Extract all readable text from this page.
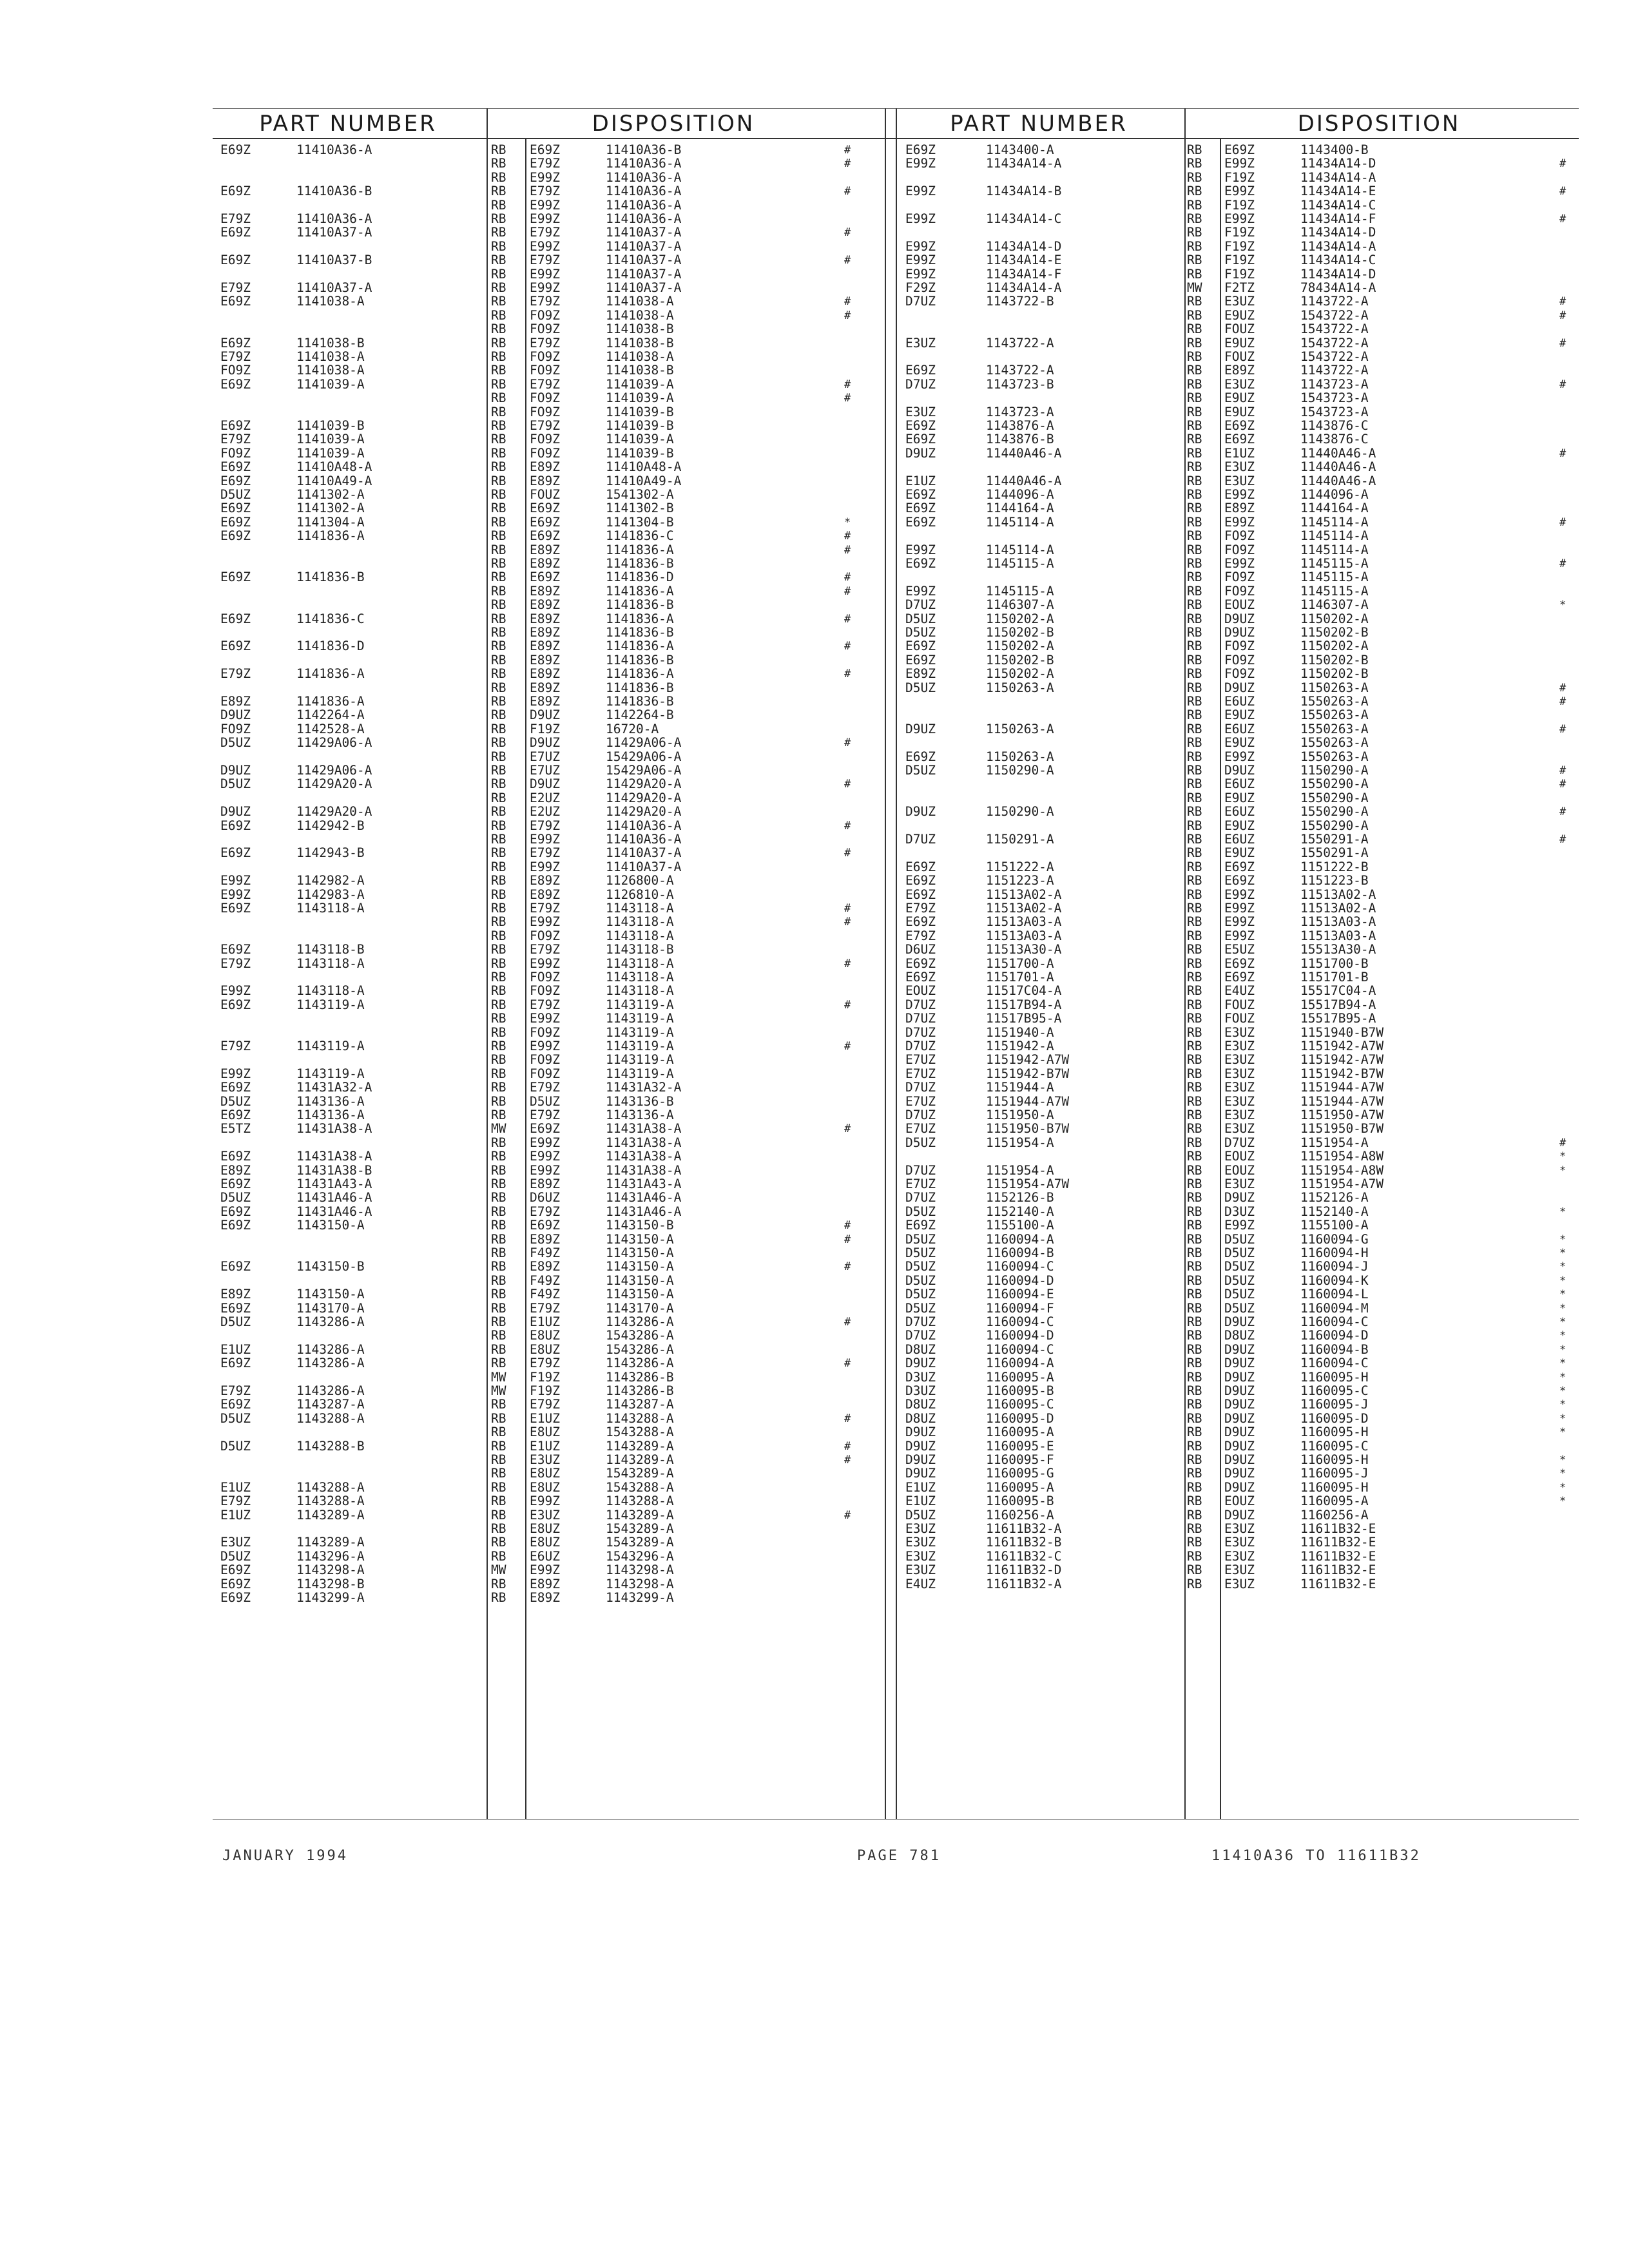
PART NUMBER	DISPOSITION	PART NUMBER	DISPOSITION
E69Z	11410A36-A	RB E69Z	11410A36-B	#
RB E79Z	11410A36-A	#
RB E99Z	11410A36-A
E69Z	11410A36-B	RB E79Z	11410A36-A	#
RB E99Z	11410A36-A
E79Z	11410A36-A	RB E99Z	11410A36-A
E69Z	11410A37-A	RB E79Z	11410A37-A	#
RB E99Z	11410A37-A
E69Z	11410A37-B	RB E79Z	11410A37-A	#
RB E99Z	11410A37-A
E79Z	11410A37-A	RB E99Z	11410A37-A
E69Z	1141038-A	RB E79Z	1141038-A	#
RB FO9Z	1141038-A	#
RB FO9Z	1141038-B
E69Z	1141038-B	RB E79Z	1141038-B
E79Z	1141038-A	RB FO9Z	1141038-A
FO9Z	1141038-A	RB FO9Z	1141038-B
E69Z	1141039-A	RB E79Z	1141039-A	#
RB FO9Z	1141039-A	#
RB FO9Z	1141039-B
E69Z	1141039-B	RB E79Z	1141039-B
E79Z	1141039-A	RB FO9Z	1141039-A
FO9Z	1141039-A	RB FO9Z	1141039-B
E69Z	11410A48-A	RB E89Z	11410A48-A
E69Z	11410A49-A	RB E89Z	11410A49-A
D5UZ	1141302-A	RB FOUZ	1541302-A
E69Z	1141302-A	RB E69Z	1141302-B
E69Z	1141304-A	RB E69Z	1141304-B	*
E69Z	1141836-A	RB E69Z	1141836-C	#
RB E89Z	1141836-A	#
RB E89Z	1141836-B
E69Z	1141836-B	RB E69Z	1141836-D	#
RB E89Z	1141836-A	#
RB E89Z	1141836-B
E69Z	1141836-C	RB E89Z	1141836-A	#
RB E89Z	1141836-B
E69Z	1141836-D	RB E89Z	1141836-A	#
RB E89Z	1141836-B
E79Z	1141836-A	RB E89Z	1141836-A	#
RB E89Z	1141836-B
E89Z	1141836-A	RB E89Z	1141836-B
D9UZ	1142264-A	RB D9UZ	1142264-B
FO9Z	1142528-A	RB F19Z	16720-A
D5UZ	11429A06-A	RB D9UZ	11429A06-A	#
RB E7UZ	15429A06-A
D9UZ	11429A06-A	RB E7UZ	15429A06-A
D5UZ	11429A20-A	RB D9UZ	11429A20-A	#
RB E2UZ	11429A20-A
D9UZ	11429A20-A	RB E2UZ	11429A20-A
E69Z	1142942-B	RB E79Z	11410A36-A	#
RB E99Z	11410A36-A
E69Z	1142943-B	RB E79Z	11410A37-A	#
RB E99Z	11410A37-A
E99Z	1142982-A	RB E89Z	1126800-A
E99Z	1142983-A	RB E89Z	1126810-A
E69Z	1143118-A	RB E79Z	1143118-A	#
RB E99Z	1143118-A	#
RB FO9Z	1143118-A
E69Z	1143118-B	RB E79Z	1143118-B
E79Z	1143118-A	RB E99Z	1143118-A	#
RB FO9Z	1143118-A
E99Z	1143118-A	RB FO9Z	1143118-A
E69Z	1143119-A	RB E79Z	1143119-A	#
RB E99Z	1143119-A
RB FO9Z	1143119-A
E79Z	1143119-A	RB E99Z	1143119-A	#
RB FO9Z	1143119-A
E99Z	1143119-A	RB FO9Z	1143119-A
E69Z	11431A32-A	RB E79Z	11431A32-A
D5UZ	1143136-A	RB D5UZ	1143136-B
E69Z	1143136-A	RB E79Z	1143136-A
E5TZ	11431A38-A	MW E69Z	11431A38-A	#
RB E99Z	11431A38-A
E69Z	11431A38-A	RB E99Z	11431A38-A
E89Z	11431A38-B	RB E99Z	11431A38-A
E69Z	11431A43-A	RB E89Z	11431A43-A
D5UZ	11431A46-A	RB D6UZ	11431A46-A
E69Z	11431A46-A	RB E79Z	11431A46-A
E69Z	1143150-A	RB E69Z	1143150-B	#
RB E89Z	1143150-A	#
RB F49Z	1143150-A
E69Z	1143150-B	RB E89Z	1143150-A	#
RB F49Z	1143150-A
E89Z	1143150-A	RB F49Z	1143150-A
E69Z	1143170-A	RB E79Z	1143170-A
D5UZ	1143286-A	RB E1UZ	1143286-A	#
RB E8UZ	1543286-A
E1UZ	1143286-A	RB E8UZ	1543286-A
E69Z	1143286-A	RB E79Z	1143286-A	#
MW F19Z	1143286-B
E79Z	1143286-A	MW F19Z	1143286-B
E69Z	1143287-A	RB E79Z	1143287-A
D5UZ	1143288-A	RB E1UZ	1143288-A	#
RB E8UZ	1543288-A
D5UZ	1143288-B	RB E1UZ	1143289-A	#
RB E3UZ	1143289-A	#
RB E8UZ	1543289-A
E1UZ	1143288-A	RB E8UZ	1543288-A
E79Z	1143288-A	RB E99Z	1143288-A
E1UZ	1143289-A	RB E3UZ	1143289-A	#
RB E8UZ	1543289-A
E3UZ	1143289-A	RB E8UZ	1543289-A
D5UZ	1143296-A	RB E6UZ	1543296-A
E69Z	1143298-A	MW E99Z	1143298-A
E69Z	1143298-B	RB E89Z	1143298-A
E69Z	1143299-A	RB E89Z	1143299-A
E69Z	1143400-A	RB E69Z	1143400-B
E99Z	11434A14-A	RB E99Z	11434A14-D	#
RB F19Z	11434A14-A
E99Z	11434A14-B	RB E99Z	11434A14-E	#
RB F19Z	11434A14-C
E99Z	11434A14-C	RB E99Z	11434A14-F	#
RB F19Z	11434A14-D
E99Z	11434A14-D	RB F19Z	11434A14-A
E99Z	11434A14-E	RB F19Z	11434A14-C
E99Z	11434A14-F	RB F19Z	11434A14-D
F29Z	11434A14-A	MW F2TZ	78434A14-A
D7UZ	1143722-B	RB E3UZ	1143722-A	#
RB E9UZ	1543722-A	#
RB FOUZ	1543722-A
E3UZ	1143722-A	RB E9UZ	1543722-A	#
RB FOUZ	1543722-A
E69Z	1143722-A	RB E89Z	1143722-A
D7UZ	1143723-B	RB E3UZ	1143723-A	#
RB E9UZ	1543723-A
E3UZ	1143723-A	RB E9UZ	1543723-A
E69Z	1143876-A	RB E69Z	1143876-C
E69Z	1143876-B	RB E69Z	1143876-C
D9UZ	11440A46-A	RB E1UZ	11440A46-A	#
RB E3UZ	11440A46-A
E1UZ	11440A46-A	RB E3UZ	11440A46-A
E69Z	1144096-A	RB E99Z	1144096-A
E69Z	1144164-A	RB E89Z	1144164-A
E69Z	1145114-A	RB E99Z	1145114-A	#
RB FO9Z	1145114-A
E99Z	1145114-A	RB FO9Z	1145114-A
E69Z	1145115-A	RB E99Z	1145115-A	#
RB FO9Z	1145115-A
E99Z	1145115-A	RB FO9Z	1145115-A
D7UZ	1146307-A	RB EOUZ	1146307-A	*
D5UZ	1150202-A	RB D9UZ	1150202-A
D5UZ	1150202-B	RB D9UZ	1150202-B
E69Z	1150202-A	RB FO9Z	1150202-A
E69Z	1150202-B	RB FO9Z	1150202-B
E89Z	1150202-A	RB FO9Z	1150202-B
D5UZ	1150263-A	RB D9UZ	1150263-A	#
RB E6UZ	1550263-A	#
RB E9UZ	1550263-A
D9UZ	1150263-A	RB E6UZ	1550263-A	#
RB E9UZ	1550263-A
E69Z	1150263-A	RB E99Z	1550263-A
D5UZ	1150290-A	RB D9UZ	1150290-A	#
RB E6UZ	1550290-A	#
RB E9UZ	1550290-A
D9UZ	1150290-A	RB E6UZ	1550290-A	#
RB E9UZ	1550290-A
D7UZ	1150291-A	RB E6UZ	1550291-A	#
RB E9UZ	1550291-A
E69Z	1151222-A	RB E69Z	1151222-B
E69Z	1151223-A	RB E69Z	1151223-B
E69Z	11513A02-A	RB E99Z	11513A02-A
E79Z	11513A02-A	RB E99Z	11513A02-A
E69Z	11513A03-A	RB E99Z	11513A03-A
E79Z	11513A03-A	RB E99Z	11513A03-A
D6UZ	11513A30-A	RB E5UZ	15513A30-A
E69Z	1151700-A	RB E69Z	1151700-B
E69Z	1151701-A	RB E69Z	1151701-B
EOUZ	11517C04-A	RB E4UZ	15517C04-A
D7UZ	11517B94-A	RB FOUZ	15517B94-A
D7UZ	11517B95-A	RB FOUZ	15517B95-A
D7UZ	1151940-A	RB E3UZ	1151940-B7W
D7UZ	1151942-A	RB E3UZ	1151942-A7W
E7UZ	1151942-A7W	RB E3UZ	1151942-A7W
E7UZ	1151942-B7W	RB E3UZ	1151942-B7W
D7UZ	1151944-A	RB E3UZ	1151944-A7W
E7UZ	1151944-A7W	RB E3UZ	1151944-A7W
D7UZ	1151950-A	RB E3UZ	1151950-A7W
E7UZ	1151950-B7W	RB E3UZ	1151950-B7W
D5UZ	1151954-A	RB D7UZ	1151954-A	#
RB EOUZ	1151954-A8W	*
D7UZ	1151954-A	RB EOUZ	1151954-A8W	*
E7UZ	1151954-A7W	RB E3UZ	1151954-A7W
D7UZ	1152126-B	RB D9UZ	1152126-A
D5UZ	1152140-A	RB D3UZ	1152140-A	*
E69Z	1155100-A	RB E99Z	1155100-A
D5UZ	1160094-A	RB D5UZ	1160094-G	*
D5UZ	1160094-B	RB D5UZ	1160094-H	*
D5UZ	1160094-C	RB D5UZ	1160094-J	*
D5UZ	1160094-D	RB D5UZ	1160094-K	*
D5UZ	1160094-E	RB D5UZ	1160094-L	*
D5UZ	1160094-F	RB D5UZ	1160094-M	*
D7UZ	1160094-C	RB D9UZ	1160094-C	*
D7UZ	1160094-D	RB D8UZ	1160094-D	*
D8UZ	1160094-C	RB D9UZ	1160094-B	*
D9UZ	1160094-A	RB D9UZ	1160094-C	*
D3UZ	1160095-A	RB D9UZ	1160095-H	*
D3UZ	1160095-B	RB D9UZ	1160095-C	*
D8UZ	1160095-C	RB D9UZ	1160095-J	*
D8UZ	1160095-D	RB D9UZ	1160095-D	*
D9UZ	1160095-A	RB D9UZ	1160095-H	*
D9UZ	1160095-E	RB D9UZ	1160095-C
D9UZ	1160095-F	RB D9UZ	1160095-H	*
D9UZ	1160095-G	RB D9UZ	1160095-J	*
E1UZ	1160095-A	RB D9UZ	1160095-H	*
E1UZ	1160095-B	RB EOUZ	1160095-A	*
D5UZ	1160256-A	RB D9UZ	1160256-A
E3UZ	11611B32-A	RB E3UZ	11611B32-E
E3UZ	11611B32-B	RB E3UZ	11611B32-E
E3UZ	11611B32-C	RB E3UZ	11611B32-E
E3UZ	11611B32-D	RB E3UZ	11611B32-E
E4UZ	11611B32-A	RB E3UZ	11611B32-E
JANUARY 1994	PAGE 781	11410A36 TO 11611B32
